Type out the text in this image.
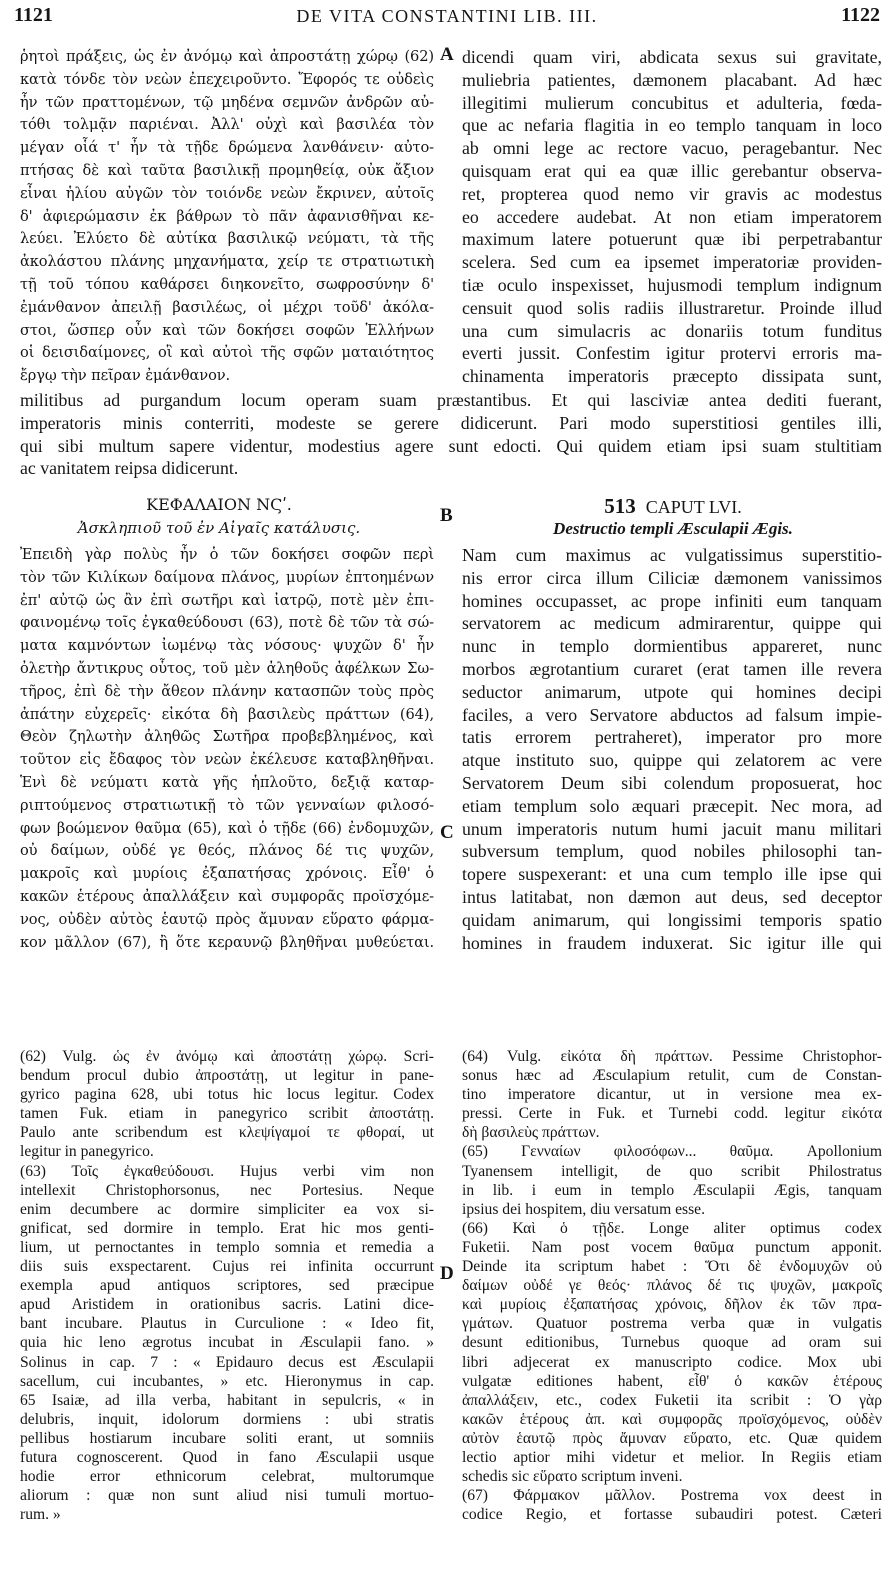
1121	DE VITA CONSTANTINI LIB. III.	1122
A
B
C
D
ῥητοὶ πράξεις, ὡς ἐν ἀνόμῳ καὶ ἀπροστάτῃ χώρῳ (62)
κατὰ τόνδε τὸν νεὼν ἐπεχειροῦντο. Ἔφορός τε οὐδεὶς
ἦν τῶν πραττομένων, τῷ μηδένα σεμνῶν ἀνδρῶν αὐ-
τόθι τολμᾷν παριέναι. Ἀλλ' οὐχὶ καὶ βασιλέα τὸν
μέγαν οἷά τ' ἦν τὰ τῇδε δρώμενα λανθάνειν· αὐτο-
πτήσας δὲ καὶ ταῦτα βασιλικῇ προμηθείᾳ, οὐκ ἄξιον
εἶναι ἡλίου αὐγῶν τὸν τοιόνδε νεὼν ἔκρινεν, αὐτοῖς
δ' ἀφιερώμασιν ἐκ βάθρων τὸ πᾶν ἀφανισθῆναι κε-
λεύει. Ἐλύετο δὲ αὐτίκα βασιλικῷ νεύματι, τὰ τῆς
ἀκολάστου πλάνης μηχανήματα, χείρ τε στρατιωτικὴ
τῇ τοῦ τόπου καθάρσει διηκονεῖτο, σωφροσύνην δ'
ἐμάνθανον ἀπειλῇ βασιλέως, οἱ μέχρι τοῦδ' ἀκόλα-
στοι, ὥσπερ οὖν καὶ τῶν δοκήσει σοφῶν Ἑλλήνων
οἱ δεισιδαίμονες, οἳ καὶ αὐτοὶ τῆς σφῶν ματαιότητος
ἔργῳ τὴν πεῖραν ἐμάνθανον.
dicendi quam viri, abdicata sexus sui gravitate,
muliebria patientes, dæmonem placabant. Ad hæc
illegitimi mulierum concubitus et adulteria, fœda-
que ac nefaria flagitia in eo templo tanquam in loco
ab omni lege ac rectore vacuo, peragebantur. Nec
quisquam erat qui ea quæ illic gerebantur observa-
ret, propterea quod nemo vir gravis ac modestus
eo accedere audebat. At non etiam imperatorem
maximum latere potuerunt quæ ibi perpetrabantur
scelera. Sed cum ea ipsemet imperatoriæ providen-
tiæ oculo inspexisset, hujusmodi templum indignum
censuit quod solis radiis illustraretur. Proinde illud
una cum simulacris ac donariis totum funditus
everti jussit. Confestim igitur protervi erroris ma-
chinamenta imperatoris præcepto dissipata sunt,
militibus ad purgandum locum operam suam præstantibus. Et qui lasciviæ antea dediti fuerant,
imperatoris minis conterriti, modeste se gerere didicerunt. Pari modo superstitiosi gentiles illi,
qui sibi multum sapere videntur, modestius agere sunt edocti. Qui quidem etiam ipsi suam stultitiam
ac vanitatem reipsa didicerunt.
ΚΕΦΑΛΑΙΟΝ ΝϚʹ.
Ἀσκληπιοῦ τοῦ ἐν Αἰγαῖς κατάλυσις.
513 CAPUT LVI.
Destructio templi Æsculapii Ægis.
Ἐπειδὴ γὰρ πολὺς ἦν ὁ τῶν δοκήσει σοφῶν περὶ
τὸν τῶν Κιλίκων δαίμονα πλάνος, μυρίων ἐπτοημένων
ἐπ' αὐτῷ ὡς ἂν ἐπὶ σωτῆρι καὶ ἰατρῷ, ποτὲ μὲν ἐπι-
φαινομένῳ τοῖς ἐγκαθεύδουσι (63), ποτὲ δὲ τῶν τὰ σώ-
ματα καμνόντων ἰωμένῳ τὰς νόσους· ψυχῶν δ' ἦν
ὀλετὴρ ἄντικρυς οὗτος, τοῦ μὲν ἀληθοῦς ἀφέλκων Σω-
τῆρος, ἐπὶ δὲ τὴν ἄθεον πλάνην κατασπῶν τοὺς πρὸς
ἀπάτην εὐχερεῖς· εἰκότα δὴ βασιλεὺς πράττων (64),
Θεὸν ζηλωτὴν ἀληθῶς Σωτῆρα προβεβλημένος, καὶ
τοῦτον εἰς ἔδαφος τὸν νεὼν ἐκέλευσε καταβληθῆναι.
Ἑνὶ δὲ νεύματι κατὰ γῆς ἡπλοῦτο, δεξιᾷ καταρ-
ριπτούμενος στρατιωτικῇ τὸ τῶν γενναίων φιλοσό-
φων βοώμενον θαῦμα (65), καὶ ὁ τῇδε (66) ἐνδομυχῶν,
οὐ δαίμων, οὐδέ γε θεός, πλάνος δέ τις ψυχῶν,
μακροῖς καὶ μυρίοις ἐξαπατήσας χρόνοις. Εἶθ' ὁ
κακῶν ἑτέρους ἀπαλλάξειν καὶ συμφορᾶς προϊσχόμε-
νος, οὐδὲν αὐτὸς ἑαυτῷ πρὸς ἄμυναν εὕρατο φάρμα-
κον μᾶλλον (67), ἢ ὅτε κεραυνῷ βληθῆναι μυθεύεται.
Nam cum maximus ac vulgatissimus superstitio-
nis error circa illum Ciliciæ dæmonem vanissimos
homines occupasset, ac prope infiniti eum tanquam
servatorem ac medicum admirarentur, quippe qui
nunc in templo dormientibus appareret, nunc
morbos ægrotantium curaret (erat tamen ille revera
seductor animarum, utpote qui homines decipi
faciles, a vero Servatore abductos ad falsum impie-
tatis errorem pertraheret), imperator pro more
atque instituto suo, quippe qui zelatorem ac vere
Servatorem Deum sibi colendum proposuerat, hoc
etiam templum solo æquari præcepit. Nec mora, ad
unum imperatoris nutum humi jacuit manu militari
subversum templum, quod nobiles philosophi tan-
topere suspexerant: et una cum templo ille ipse qui
intus latitabat, non dæmon aut deus, sed deceptor
quidam animarum, qui longissimi temporis spatio
homines in fraudem induxerat. Sic igitur ille qui
(62) Vulg. ὡς ἐν ἀνόμῳ καὶ ἀποστάτῃ χώρῳ. Scri-
bendum procul dubio ἀπροστάτῃ, ut legitur in pane-
gyrico pagina 628, ubi totus hic locus legitur. Codex
tamen Fuk. etiam in panegyrico scribit ἀποστάτῃ.
Paulo ante scribendum est κλεψίγαμοί τε φθοραί, ut
legitur in panegyrico.
(63) Τοῖς ἐγκαθεύδουσι. Hujus verbi vim non
intellexit Christophorsonus, nec Portesius. Neque
enim decumbere ac dormire simpliciter ea vox si-
gnificat, sed dormire in templo. Erat hic mos genti-
lium, ut pernoctantes in templo somnia et remedia a
diis suis exspectarent. Cujus rei infinita occurrunt
exempla apud antiquos scriptores, sed præcipue
apud Aristidem in orationibus sacris. Latini dice-
bant incubare. Plautus in Curculione : « Ideo fit,
quia hic leno ægrotus incubat in Æsculapii fano. »
Solinus in cap. 7 : « Epidauro decus est Æsculapii
sacellum, cui incubantes, » etc. Hieronymus in cap.
65 Isaiæ, ad illa verba, habitant in sepulcris, « in
delubris, inquit, idolorum dormiens : ubi stratis
pellibus hostiarum incubare soliti erant, ut somniis
futura cognoscerent. Quod in fano Æsculapii usque
hodie error ethnicorum celebrat, multorumque
aliorum : quæ non sunt aliud nisi tumuli mortuo-
rum. »
(64) Vulg. εἰκότα δὴ πράττων. Pessime Christophor-
sonus hæc ad Æsculapium retulit, cum de Constan-
tino imperatore dicantur, ut in versione mea ex-
pressi. Certe in Fuk. et Turnebi codd. legitur εἰκότα
δὴ βασιλεὺς πράττων.
(65) Γενναίων φιλοσόφων... θαῦμα. Apollonium
Tyanensem intelligit, de quo scribit Philostratus
in lib. i eum in templo Æsculapii Ægis, tanquam
ipsius dei hospitem, diu versatum esse.
(66) Καὶ ὁ τῇδε. Longe aliter optimus codex
Fuketii. Nam post vocem θαῦμα punctum apponit.
Deinde ita scriptum habet : Ὅτι δὲ ἐνδομυχῶν οὐ
δαίμων οὐδέ γε θεός· πλάνος δέ τις ψυχῶν, μακροῖς
καὶ μυρίοις ἐξαπατήσας χρόνοις, δῆλον ἐκ τῶν πρα-
γμάτων. Quatuor postrema verba quæ in vulgatis
desunt editionibus, Turnebus quoque ad oram sui
libri adjecerat ex manuscripto codice. Mox ubi
vulgatæ editiones habent, εἶθ' ὁ κακῶν ἑτέρους
ἀπαλλάξειν, etc., codex Fuketii ita scribit : Ὁ γὰρ
κακῶν ἑτέρους ἀπ. καὶ συμφορᾶς προϊσχόμενος, οὐδὲν
αὐτὸν ἑαυτῷ πρὸς ἄμυναν εὕρατο, etc. Quæ quidem
lectio aptior mihi videtur et melior. In Regiis etiam
schedis sic εὕρατο scriptum inveni.
(67) Φάρμακον μᾶλλον. Postrema vox deest in
codice Regio, et fortasse subaudiri potest. Cæteri
